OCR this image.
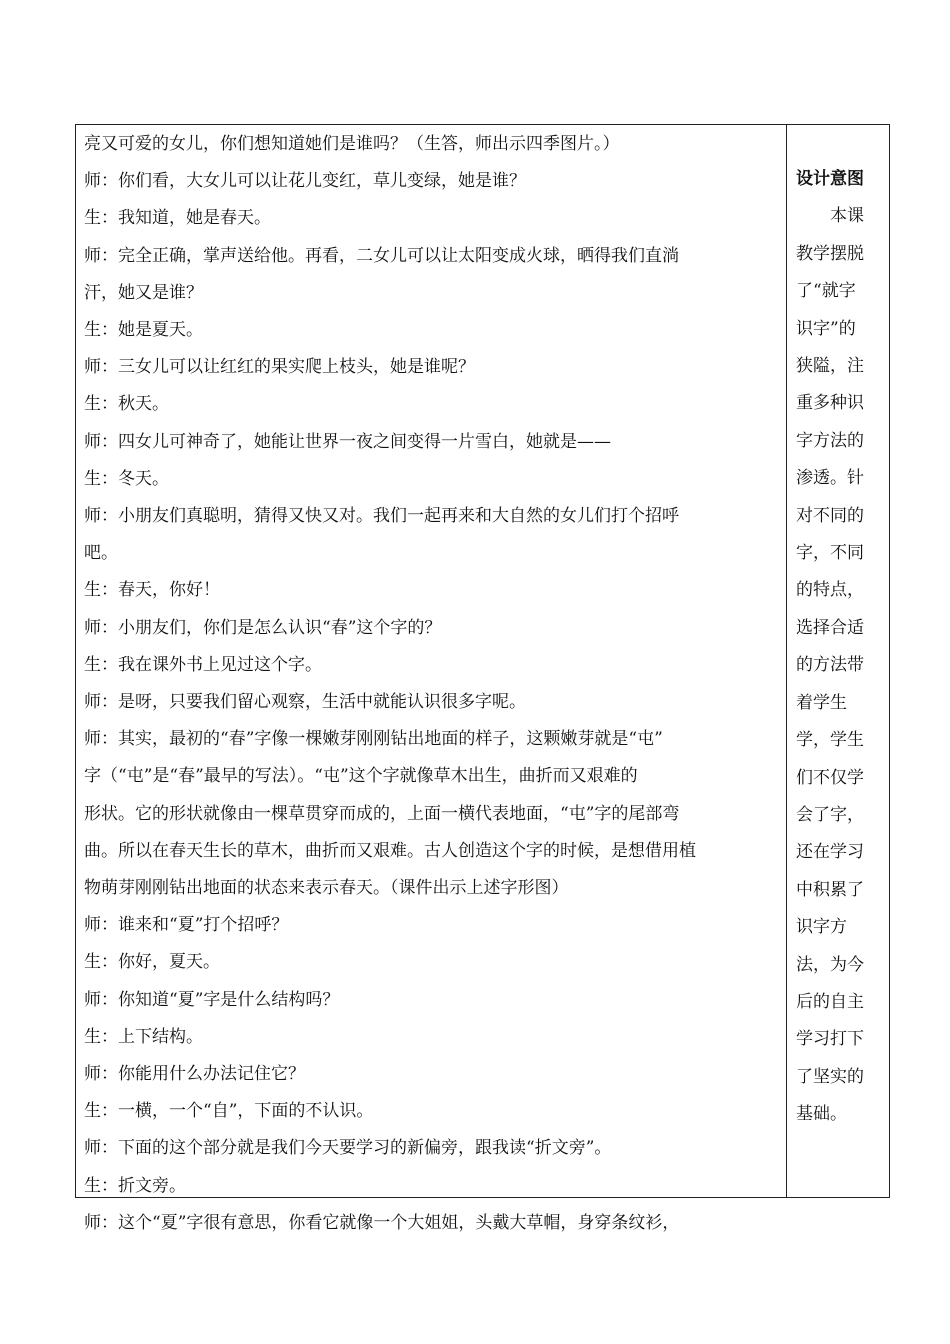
亮又可爱的女儿，你们想知道她们是谁吗？（生答，师出示四季图片。）

师：你们看，大女儿可以让花儿变红，草儿变绿，她是谁？

生：我知道，她是春天。

师：完全正确，掌声送给他。再看，二女儿可以让太阳变成火球，晒得我们直淌

汗，她又是谁？

生：她是夏天。

师：三女儿可以让红红的果实爬上枝头，她是谁呢？

生：秋天。

师：四女儿可神奇了，她能让世界一夜之间变得一片雪白，她就是——

生：冬天。

师：小朋友们真聪明，猜得又快又对。我们一起再来和大自然的女儿们打个招呼

吧。

生：春天，你好！

师：小朋友们，你们是怎么认识“春”这个字的？

生：我在课外书上见过这个字。

师：是呀，只要我们留心观察，生活中就能认识很多字呢。

师：其实，最初的“春”字像一棵嫩芽刚刚钻出地面的样子，这颗嫩芽就是“屯”

字（“屯”是“春”最早的写法）。“屯”这个字就像草木出生，曲折而又艰难的

形状。它的形状就像由一棵草贯穿而成的，上面一横代表地面，“屯”字的尾部弯

曲。所以在春天生长的草木，曲折而又艰难。古人创造这个字的时候，是想借用植

物萌芽刚刚钻出地面的状态来表示春天。（课件出示上述字形图）

师：谁来和“夏”打个招呼？

生：你好，夏天。

师：你知道“夏”字是什么结构吗？

生：上下结构。

师：你能用什么办法记住它？

生：一横，一个“自”，下面的不认识。

师：下面的这个部分就是我们今天要学习的新偏旁，跟我读“折文旁”。

生：折文旁。

师：这个“夏”字很有意思，你看它就像一个大姐姐，头戴大草帽，身穿条纹衫，

设计意图

　　本课

教学摆脱

了“就字

识字”的

狭隘，注

重多种识

字方法的

渗透。针

对不同的

字，不同

的特点，

选择合适

的方法带

着学生

学，学生

们不仅学

会了字，

还在学习

中积累了

识字方

法，为今

后的自主

学习打下

了坚实的

基础。
